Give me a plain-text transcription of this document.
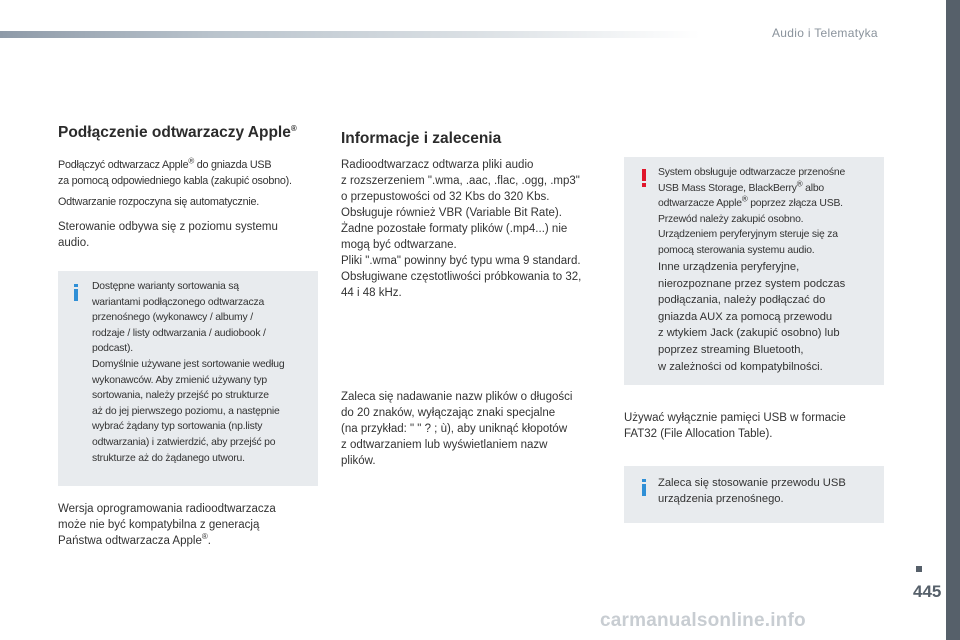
Audio i Telematyka
Podłączenie odtwarzaczy Apple®
Podłączyć odtwarzacz Apple® do gniazda USB
za pomocą odpowiedniego kabla (zakupić osobno).
Odtwarzanie rozpoczyna się automatycznie.
Sterowanie odbywa się z poziomu systemu
audio.
Dostępne warianty sortowania są
wariantami podłączonego odtwarzacza
przenośnego (wykonawcy / albumy /
rodzaje / listy odtwarzania / audiobook /
podcast).
Domyślnie używane jest sortowanie według
wykonawców. Aby zmienić używany typ
sortowania, należy przejść po strukturze
aż do jej pierwszego poziomu, a następnie
wybrać żądany typ sortowania (np.listy
odtwarzania) i zatwierdzić, aby przejść po
strukturze aż do żądanego utworu.
Wersja oprogramowania radioodtwarzacza
może nie być kompatybilna z generacją
Państwa odtwarzacza Apple®.
Informacje i zalecenia
Radioodtwarzacz odtwarza pliki audio
z rozszerzeniem ".wma, .aac, .flac, .ogg, .mp3"
o przepustowości od 32 Kbs do 320 Kbs.
Obsługuje również VBR (Variable Bit Rate).
Żadne pozostałe formaty plików (.mp4...) nie
mogą być odtwarzane.
Pliki ".wma" powinny być typu wma 9 standard.
Obsługiwane częstotliwości próbkowania to 32,
44 i 48 kHz.
Zaleca się nadawanie nazw plików o długości
do 20 znaków, wyłączając znaki specjalne
(na przykład: " " ? ; ù), aby uniknąć kłopotów
z odtwarzaniem lub wyświetlaniem nazw
plików.
System obsługuje odtwarzacze przenośne
USB Mass Storage, BlackBerry® albo
odtwarzacze Apple® poprzez złącza USB.
Przewód należy zakupić osobno.
Urządzeniem peryferyjnym steruje się za
pomocą sterowania systemu audio.
Inne urządzenia peryferyjne,
nierozpoznane przez system podczas
podłączania, należy podłączać do
gniazda AUX za pomocą przewodu
z wtykiem Jack (zakupić osobno) lub
poprzez streaming Bluetooth,
w zależności od kompatybilności.
Używać wyłącznie pamięci USB w formacie
FAT32 (File Allocation Table).
Zaleca się stosowanie przewodu USB
urządzenia przenośnego.
445
carmanualsonline.info
